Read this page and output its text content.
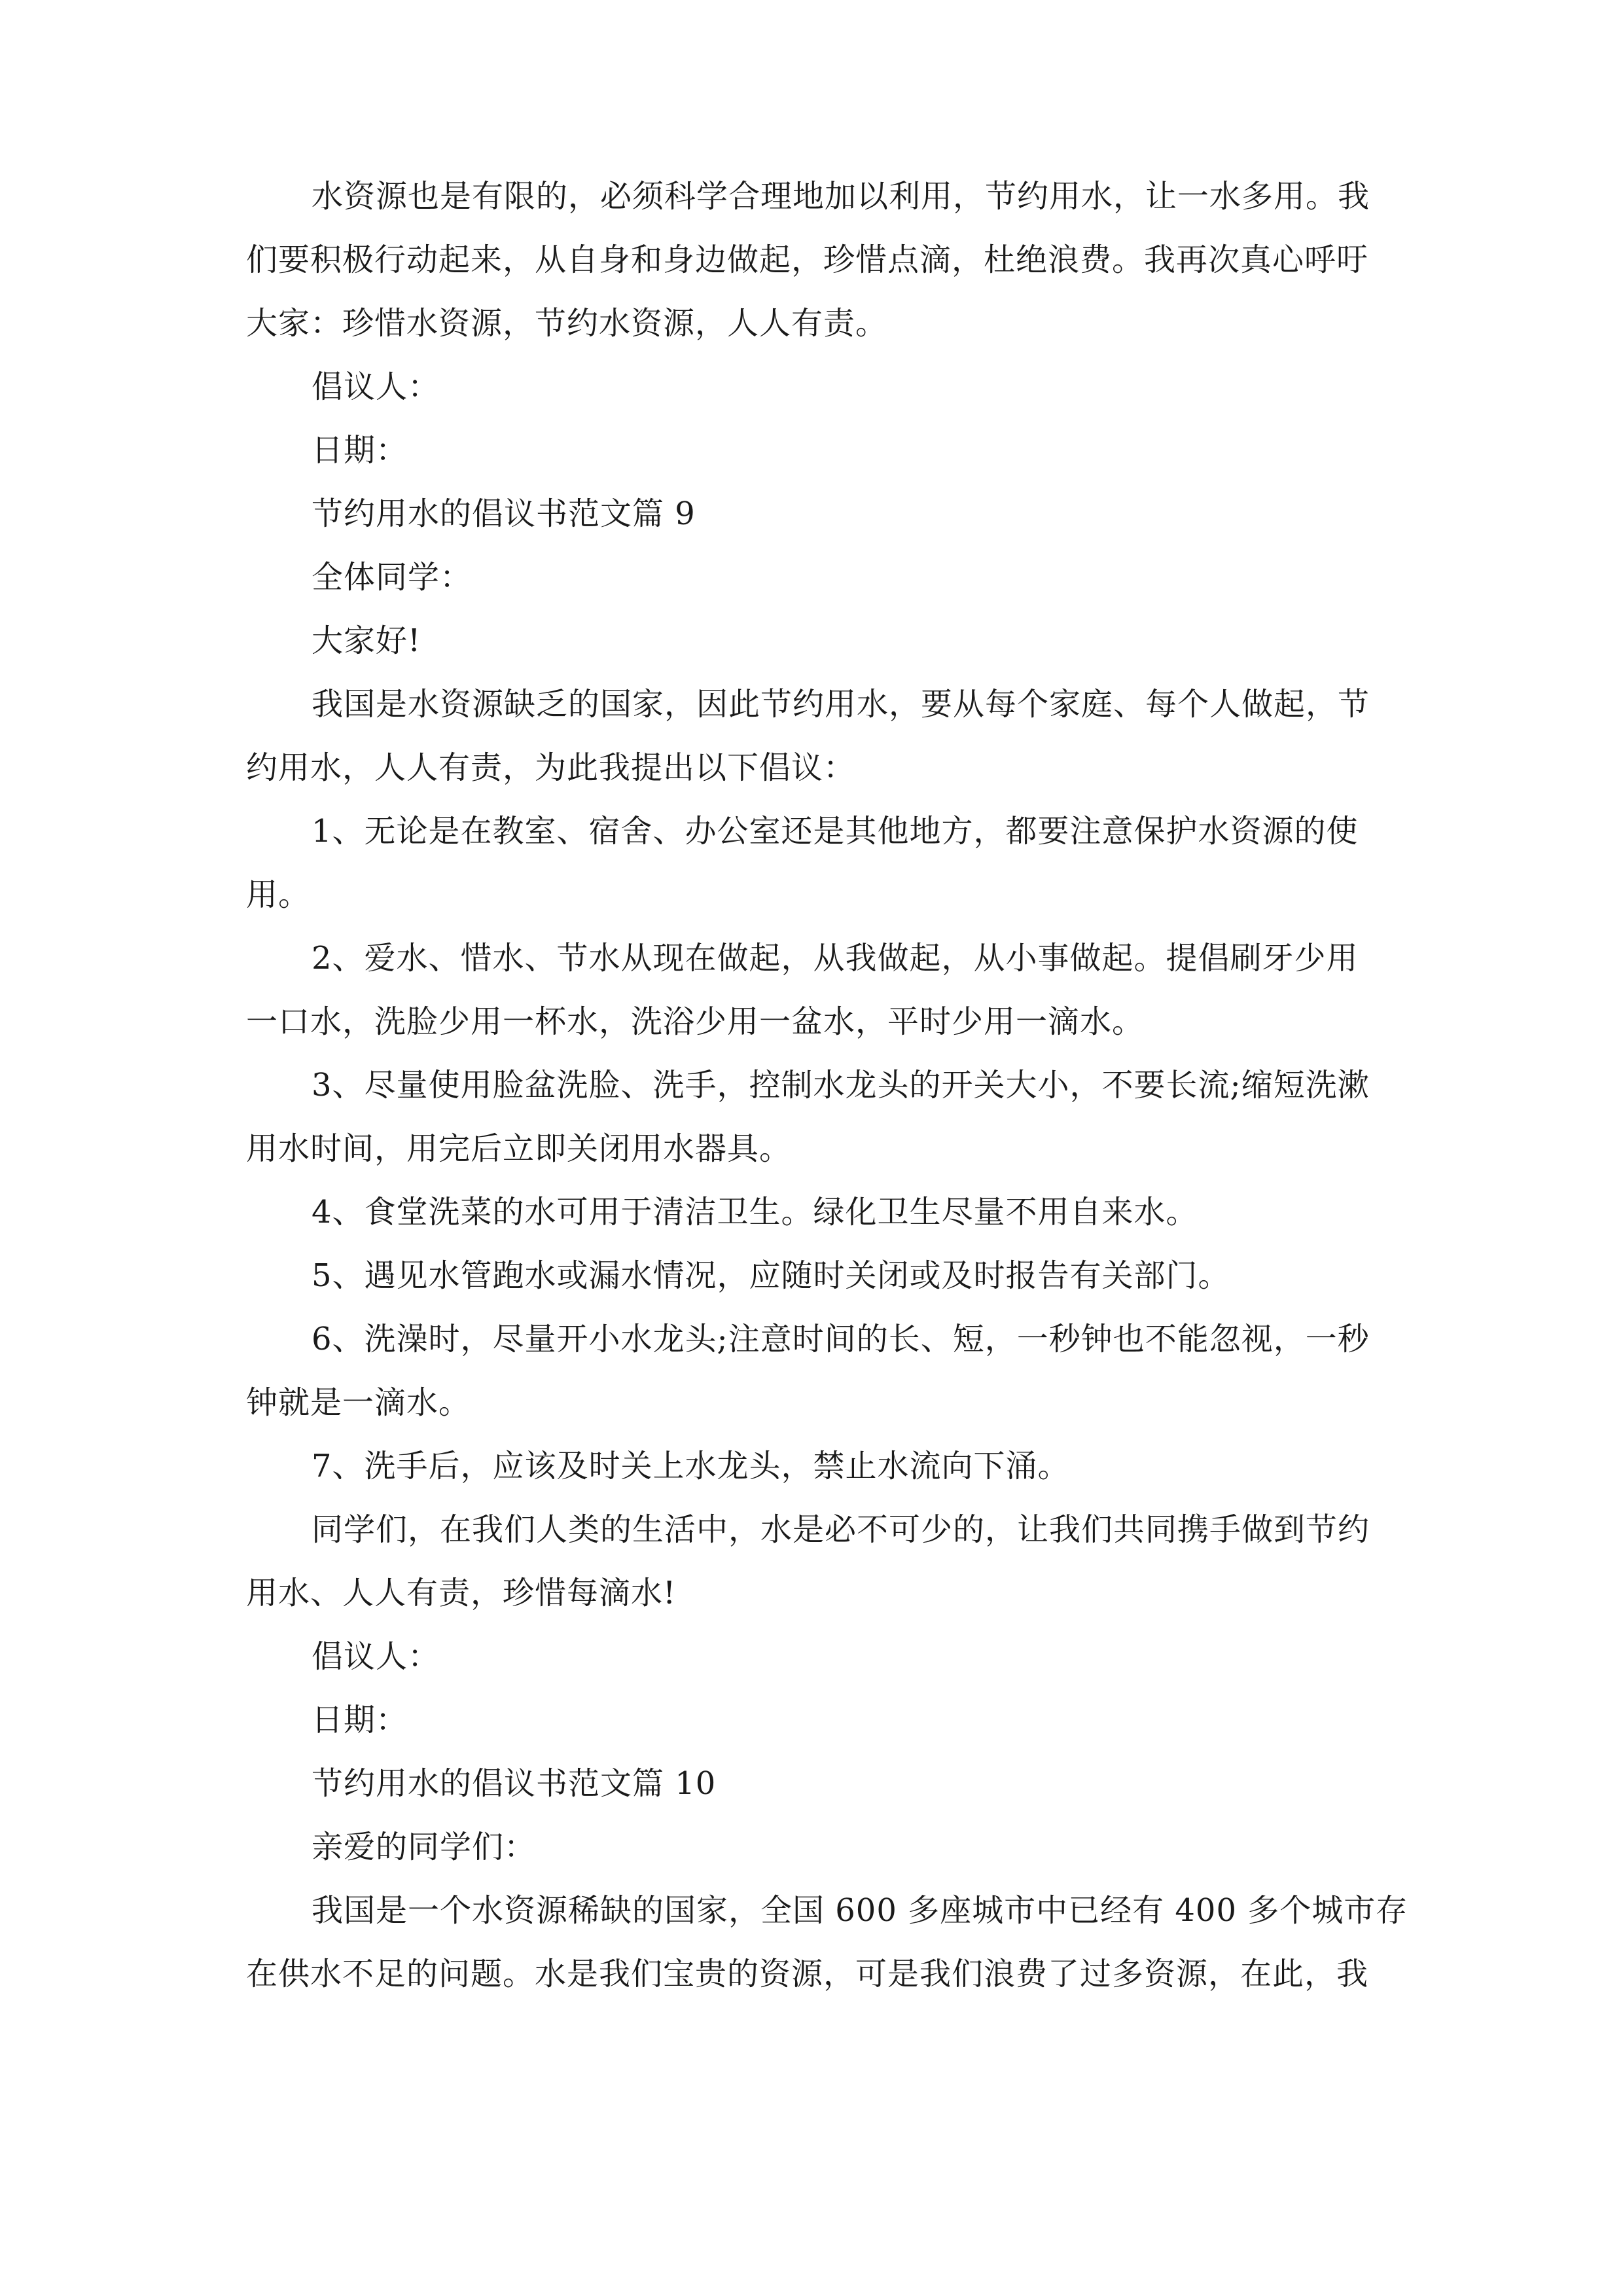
水资源也是有限的，必须科学合理地加以利用，节约用水，让一水多用。我

们要积极行动起来，从自身和身边做起，珍惜点滴，杜绝浪费。我再次真心呼吁

大家：珍惜水资源，节约水资源，人人有责。

倡议人：

日期：

节约用水的倡议书范文篇 9

全体同学：

大家好!

我国是水资源缺乏的国家，因此节约用水，要从每个家庭、每个人做起，节

约用水，人人有责，为此我提出以下倡议：

1、无论是在教室、宿舍、办公室还是其他地方，都要注意保护水资源的使

用。

2、爱水、惜水、节水从现在做起，从我做起，从小事做起。提倡刷牙少用

一口水，洗脸少用一杯水，洗浴少用一盆水，平时少用一滴水。

3、尽量使用脸盆洗脸、洗手，控制水龙头的开关大小，不要长流;缩短洗漱

用水时间，用完后立即关闭用水器具。

4、食堂洗菜的水可用于清洁卫生。绿化卫生尽量不用自来水。

5、遇见水管跑水或漏水情况，应随时关闭或及时报告有关部门。

6、洗澡时，尽量开小水龙头;注意时间的长、短，一秒钟也不能忽视，一秒

钟就是一滴水。

7、洗手后，应该及时关上水龙头，禁止水流向下涌。

同学们，在我们人类的生活中，水是必不可少的，让我们共同携手做到节约

用水、人人有责，珍惜每滴水!

倡议人：

日期：

节约用水的倡议书范文篇 10

亲爱的同学们：

我国是一个水资源稀缺的国家，全国 600 多座城市中已经有 400 多个城市存

在供水不足的问题。水是我们宝贵的资源，可是我们浪费了过多资源，在此，我
